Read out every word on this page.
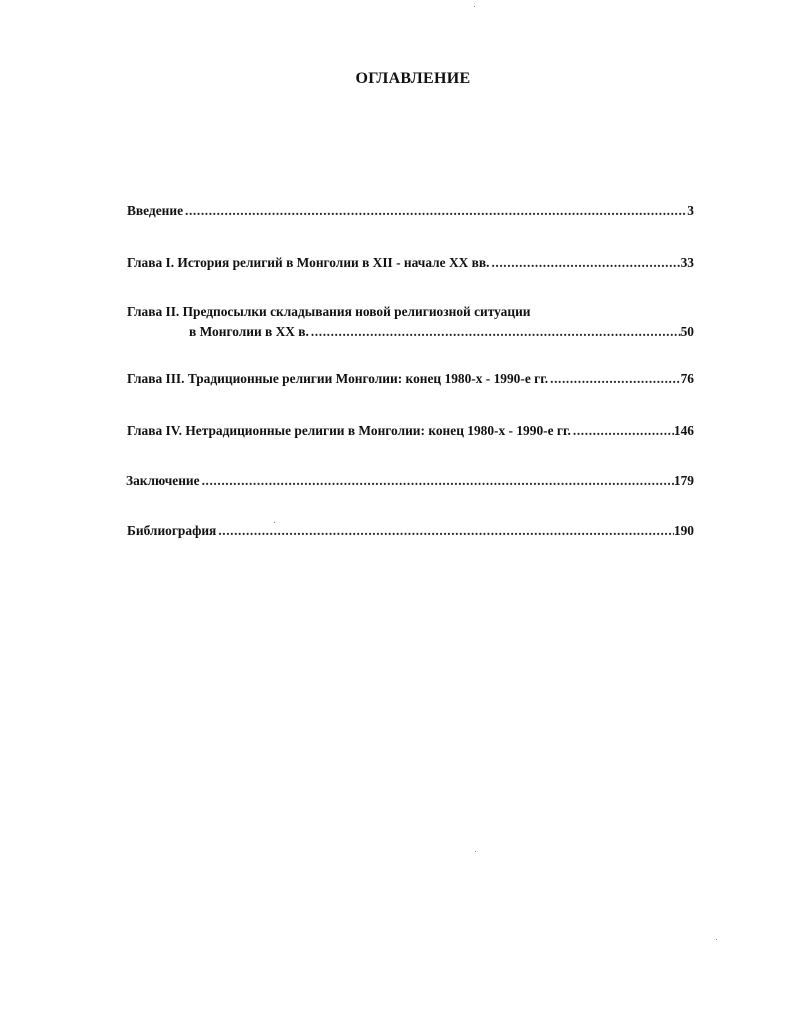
ОГЛАВЛЕНИЕ
Введение .....	3
Глава I. История религий в Монголии в XII - начале XX вв. .....	33
Глава II. Предпосылки складывания новой религиозной ситуации
в Монголии в XX в. .....	50
Глава III. Традиционные религии Монголии: конец 1980-х - 1990-е гг. .....	76
Глава IV. Нетрадиционные религии в Монголии: конец 1980-х - 1990-е гг. .....	146
Заключение .....	179
Библиография .....	190
